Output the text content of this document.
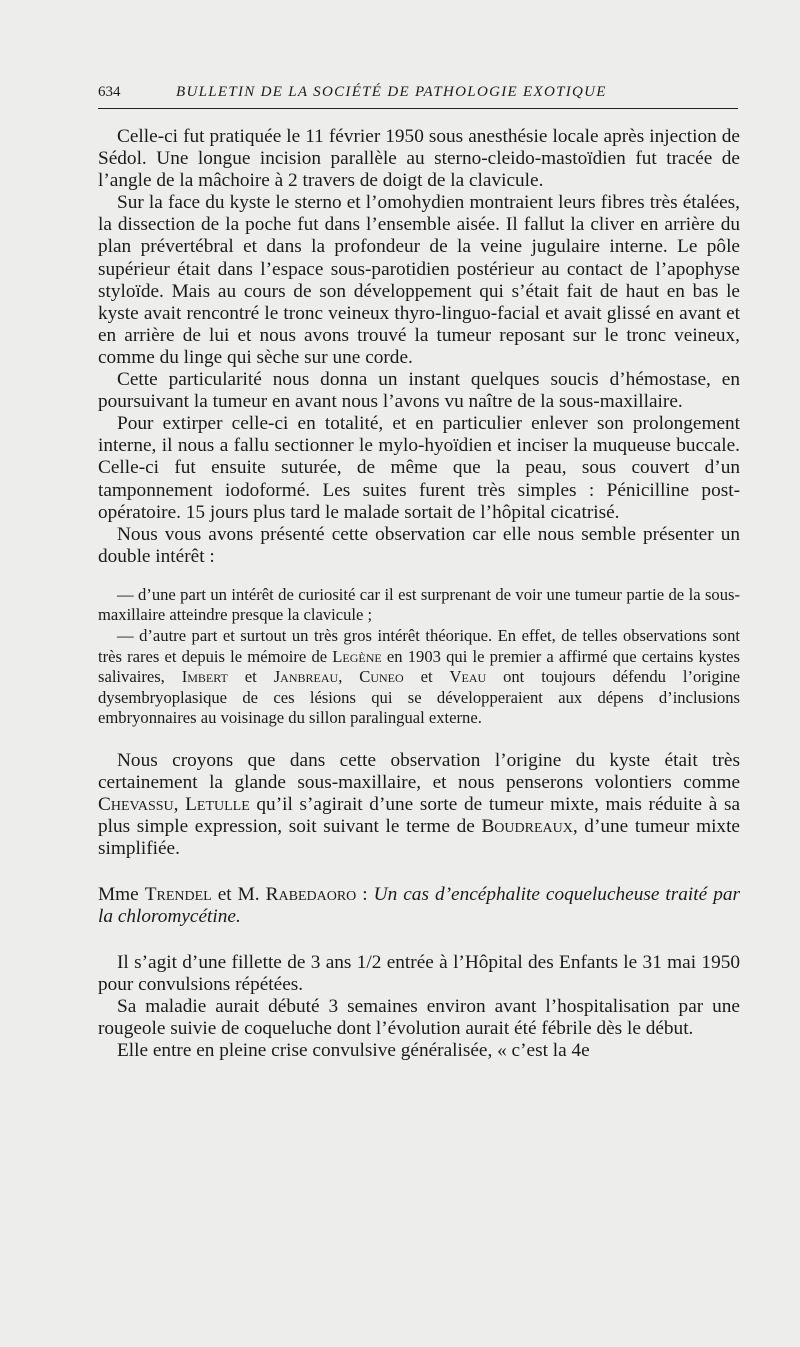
634	BULLETIN DE LA SOCIÉTÉ DE PATHOLOGIE EXOTIQUE

Celle-ci fut pratiquée le 11 février 1950 sous anesthésie locale après injection de Sédol. Une longue incision parallèle au sterno-cleido-mastoïdien fut tracée de l’angle de la mâchoire à 2 travers de doigt de la clavicule.

Sur la face du kyste le sterno et l’omohydien montraient leurs fibres très étalées, la dissection de la poche fut dans l’ensemble aisée. Il fallut la cliver en arrière du plan prévertébral et dans la profondeur de la veine jugulaire interne. Le pôle supérieur était dans l’espace sous-parotidien postérieur au contact de l’apophyse styloïde. Mais au cours de son développement qui s’était fait de haut en bas le kyste avait rencontré le tronc veineux thyro-linguo-facial et avait glissé en avant et en arrière de lui et nous avons trouvé la tumeur reposant sur le tronc veineux, comme du linge qui sèche sur une corde.

Cette particularité nous donna un instant quelques soucis d’hémostase, en poursuivant la tumeur en avant nous l’avons vu naître de la sous-maxillaire.

Pour extirper celle-ci en totalité, et en particulier enlever son prolongement interne, il nous a fallu sectionner le mylo-hyoïdien et inciser la muqueuse buccale. Celle-ci fut ensuite suturée, de même que la peau, sous couvert d’un tamponnement iodoformé. Les suites furent très simples : Pénicilline post-opératoire. 15 jours plus tard le malade sortait de l’hôpital cicatrisé.

Nous vous avons présenté cette observation car elle nous semble présenter un double intérêt :

— d’une part un intérêt de curiosité car il est surprenant de voir une tumeur partie de la sous-maxillaire atteindre presque la clavicule ;

— d’autre part et surtout un très gros intérêt théorique. En effet, de telles observations sont très rares et depuis le mémoire de Legène en 1903 qui le premier a affirmé que certains kystes salivaires, Imbert et Janbreau, Cuneo et Veau ont toujours défendu l’origine dysembryoplasique de ces lésions qui se développeraient aux dépens d’inclusions embryonnaires au voisinage du sillon paralingual externe.

Nous croyons que dans cette observation l’origine du kyste était très certainement la glande sous-maxillaire, et nous penserons volontiers comme Chevassu, Letulle qu’il s’agirait d’une sorte de tumeur mixte, mais réduite à sa plus simple expression, soit suivant le terme de Boudreaux, d’une tumeur mixte simplifiée.

Mme Trendel et M. Rabedaoro : Un cas d’encéphalite coquelucheuse traité par la chloromycétine.

Il s’agit d’une fillette de 3 ans 1/2 entrée à l’Hôpital des Enfants le 31 mai 1950 pour convulsions répétées.

Sa maladie aurait débuté 3 semaines environ avant l’hospitalisation par une rougeole suivie de coqueluche dont l’évolution aurait été fébrile dès le début.

Elle entre en pleine crise convulsive généralisée, « c’est la 4e
